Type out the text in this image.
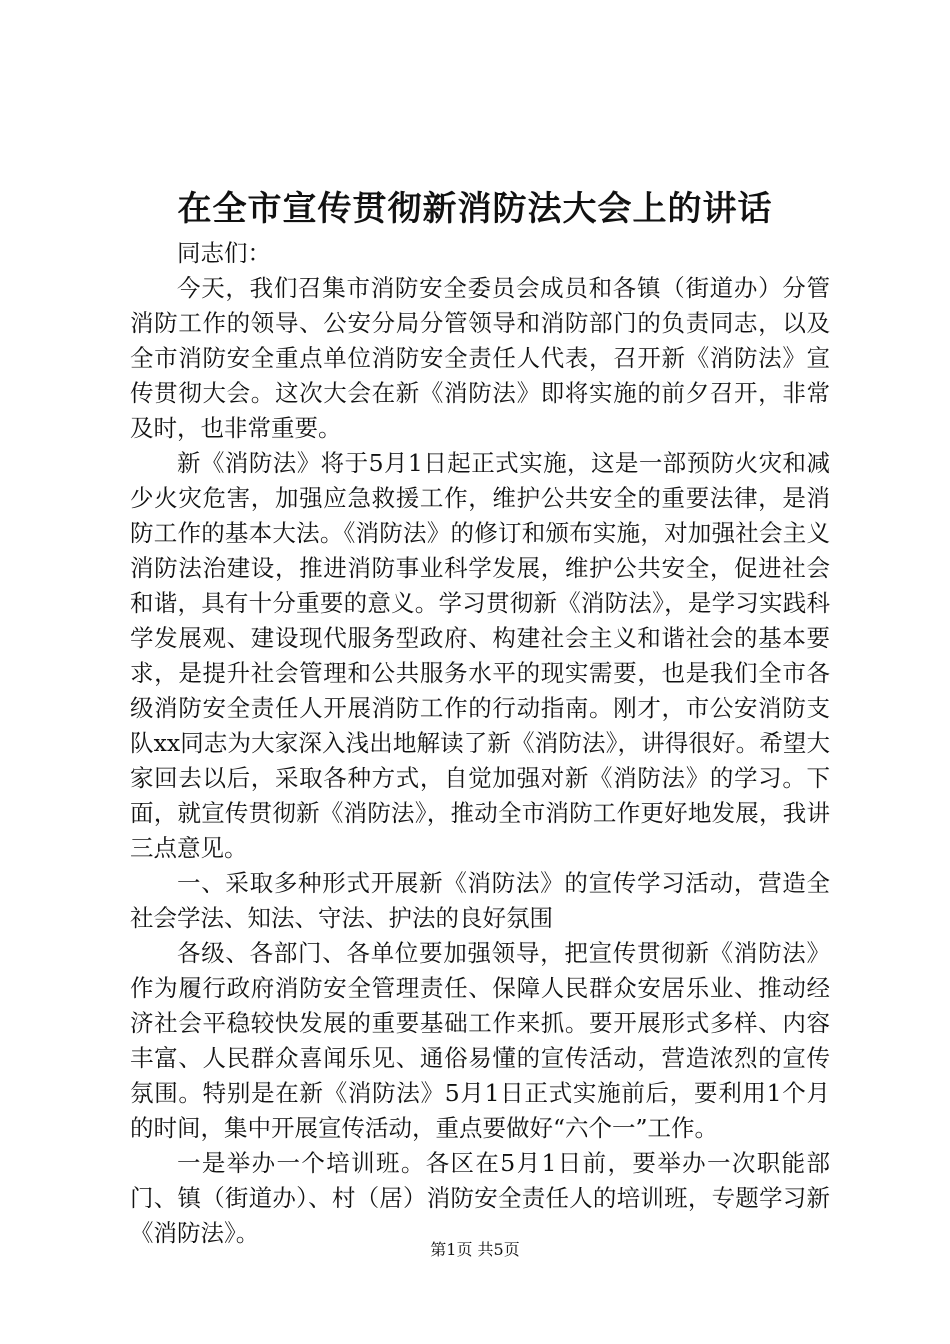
在全市宣传贯彻新消防法大会上的讲话

同志们：

今天，我们召集市消防安全委员会成员和各镇（街道办）分管消防工作的领导、公安分局分管领导和消防部门的负责同志，以及全市消防安全重点单位消防安全责任人代表，召开新《消防法》宣传贯彻大会。这次大会在新《消防法》即将实施的前夕召开，非常及时，也非常重要。

新《消防法》将于5月1日起正式实施，这是一部预防火灾和减少火灾危害，加强应急救援工作，维护公共安全的重要法律，是消防工作的基本大法。《消防法》的修订和颁布实施，对加强社会主义消防法治建设，推进消防事业科学发展，维护公共安全，促进社会和谐，具有十分重要的意义。学习贯彻新《消防法》，是学习实践科学发展观、建设现代服务型政府、构建社会主义和谐社会的基本要求，是提升社会管理和公共服务水平的现实需要，也是我们全市各级消防安全责任人开展消防工作的行动指南。刚才，市公安消防支队xx同志为大家深入浅出地解读了新《消防法》，讲得很好。希望大家回去以后，采取各种方式，自觉加强对新《消防法》的学习。下面，就宣传贯彻新《消防法》，推动全市消防工作更好地发展，我讲三点意见。

一、采取多种形式开展新《消防法》的宣传学习活动，营造全社会学法、知法、守法、护法的良好氛围

各级、各部门、各单位要加强领导，把宣传贯彻新《消防法》作为履行政府消防安全管理责任、保障人民群众安居乐业、推动经济社会平稳较快发展的重要基础工作来抓。要开展形式多样、内容丰富、人民群众喜闻乐见、通俗易懂的宣传活动，营造浓烈的宣传氛围。特别是在新《消防法》5月1日正式实施前后，要利用1个月的时间，集中开展宣传活动，重点要做好“六个一”工作。

一是举办一个培训班。各区在5月1日前，要举办一次职能部门、镇（街道办）、村（居）消防安全责任人的培训班，专题学习新《消防法》。

第1页 共5页
